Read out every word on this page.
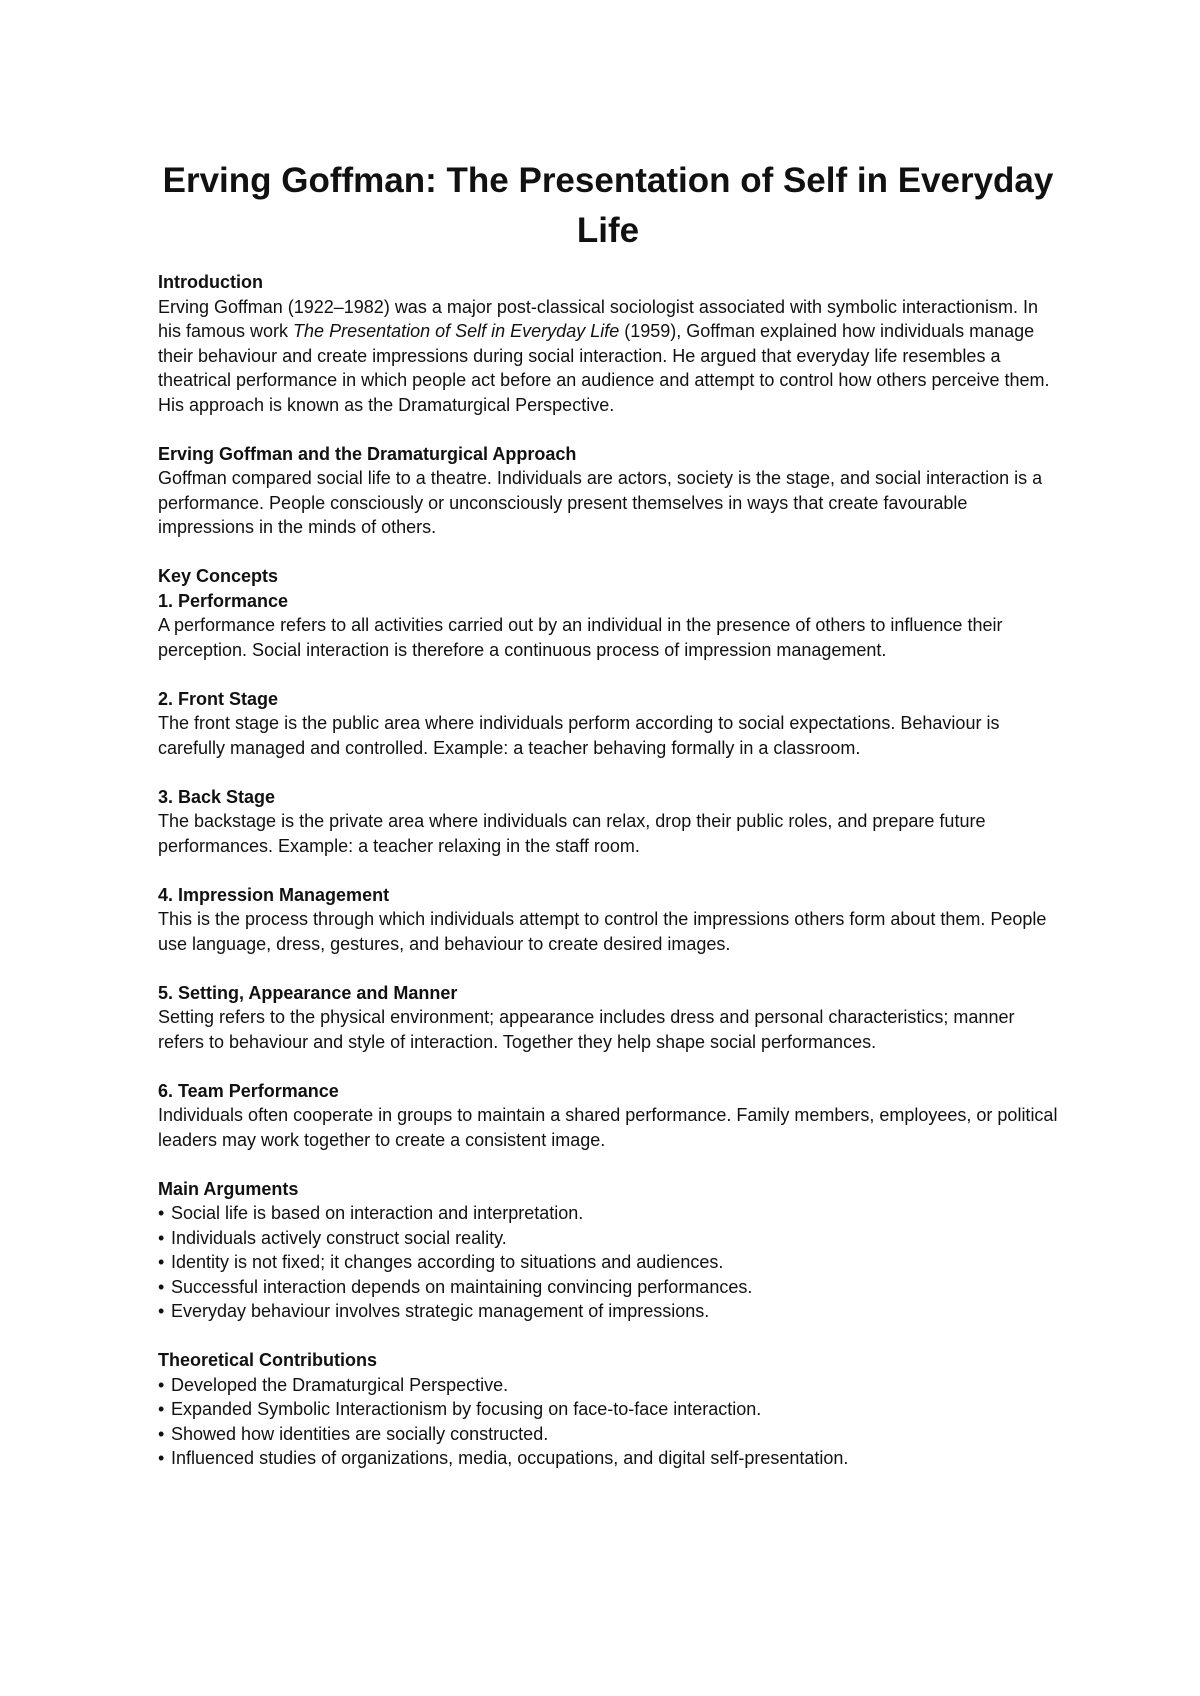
Erving Goffman: The Presentation of Self in Everyday Life
Introduction

Erving Goffman (1922–1982) was a major post-classical sociologist associated with symbolic interactionism. In his famous work The Presentation of Self in Everyday Life (1959), Goffman explained how individuals manage their behaviour and create impressions during social interaction. He argued that everyday life resembles a theatrical performance in which people act before an audience and attempt to control how others perceive them. His approach is known as the Dramaturgical Perspective.

Erving Goffman and the Dramaturgical Approach

Goffman compared social life to a theatre. Individuals are actors, society is the stage, and social interaction is a performance. People consciously or unconsciously present themselves in ways that create favourable impressions in the minds of others.

Key Concepts
1. Performance

A performance refers to all activities carried out by an individual in the presence of others to influence their perception. Social interaction is therefore a continuous process of impression management.

2. Front Stage

The front stage is the public area where individuals perform according to social expectations. Behaviour is carefully managed and controlled. Example: a teacher behaving formally in a classroom.

3. Back Stage

The backstage is the private area where individuals can relax, drop their public roles, and prepare future performances. Example: a teacher relaxing in the staff room.

4. Impression Management

This is the process through which individuals attempt to control the impressions others form about them. People use language, dress, gestures, and behaviour to create desired images.

5. Setting, Appearance and Manner

Setting refers to the physical environment; appearance includes dress and personal characteristics; manner refers to behaviour and style of interaction. Together they help shape social performances.

6. Team Performance

Individuals often cooperate in groups to maintain a shared performance. Family members, employees, or political leaders may work together to create a consistent image.

Main Arguments
• Social life is based on interaction and interpretation.
• Individuals actively construct social reality.
• Identity is not fixed; it changes according to situations and audiences.
• Successful interaction depends on maintaining convincing performances.
• Everyday behaviour involves strategic management of impressions.
Theoretical Contributions
• Developed the Dramaturgical Perspective.
• Expanded Symbolic Interactionism by focusing on face-to-face interaction.
• Showed how identities are socially constructed.
• Influenced studies of organizations, media, occupations, and digital self-presentation.
